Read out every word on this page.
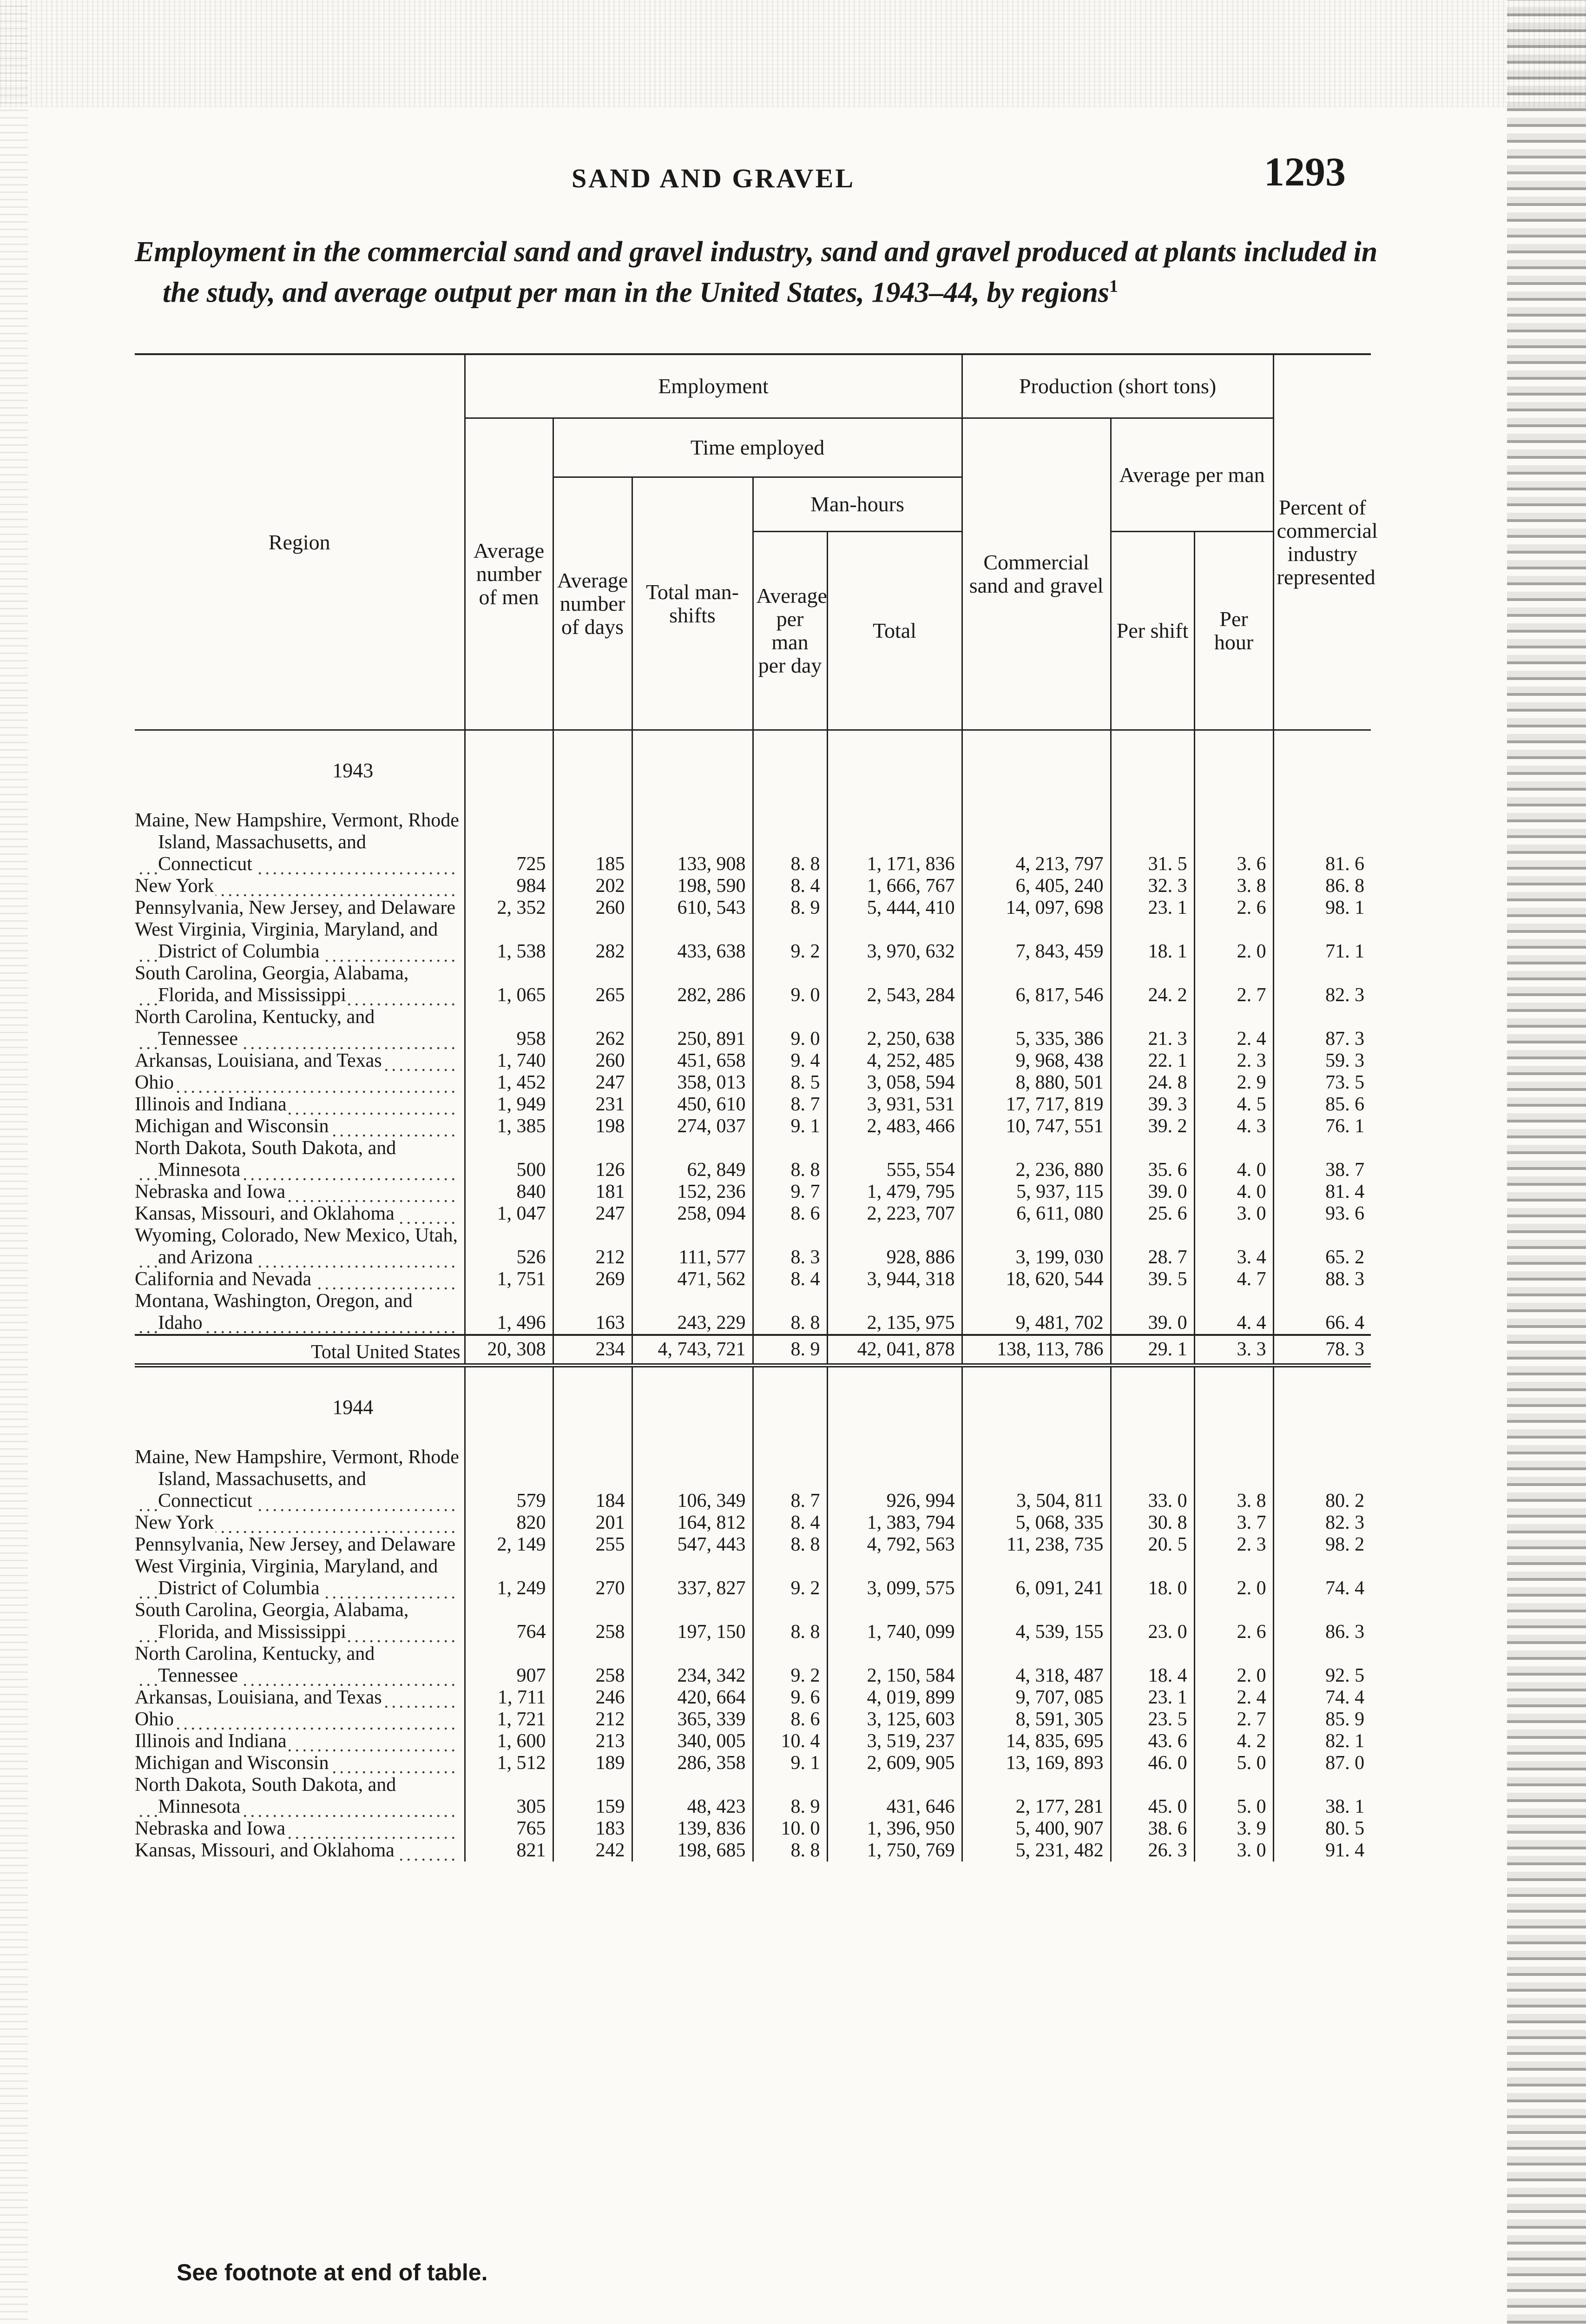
SAND AND GRAVEL	1293
Employment in the commercial sand and gravel industry, sand and gravel produced at plants included in the study, and average output per man in the United States, 1943–44, by regions$^1$
Region	Employment					Production (short tons)			Percent of commercial industry represented
	Average number of men	Time employed				Commercial sand and gravel	Average per man		
		Average number of days	Total man-shifts	Man-hours					
				Average per man per day	Total		Per shift	Per hour	
1943									

Maine, New Hampshire, Vermont, Rhode Island, Massachusetts, and Connecticut	725	185	133, 908	8. 8	1, 171, 836	4, 213, 797	31. 5	3. 6	81. 6

New York	984	202	198, 590	8. 4	1, 666, 767	6, 405, 240	32. 3	3. 8	86. 8

Pennsylvania, New Jersey, and Delaware	2, 352	260	610, 543	8. 9	5, 444, 410	14, 097, 698	23. 1	2. 6	98. 1

West Virginia, Virginia, Maryland, and District of Columbia	1, 538	282	433, 638	9. 2	3, 970, 632	7, 843, 459	18. 1	2. 0	71. 1

South Carolina, Georgia, Alabama, Florida, and Mississippi	1, 065	265	282, 286	9. 0	2, 543, 284	6, 817, 546	24. 2	2. 7	82. 3

North Carolina, Kentucky, and Tennessee	958	262	250, 891	9. 0	2, 250, 638	5, 335, 386	21. 3	2. 4	87. 3

Arkansas, Louisiana, and Texas	1, 740	260	451, 658	9. 4	4, 252, 485	9, 968, 438	22. 1	2. 3	59. 3

Ohio	1, 452	247	358, 013	8. 5	3, 058, 594	8, 880, 501	24. 8	2. 9	73. 5

Illinois and Indiana	1, 949	231	450, 610	8. 7	3, 931, 531	17, 717, 819	39. 3	4. 5	85. 6

Michigan and Wisconsin	1, 385	198	274, 037	9. 1	2, 483, 466	10, 747, 551	39. 2	4. 3	76. 1

North Dakota, South Dakota, and Minnesota	500	126	62, 849	8. 8	555, 554	2, 236, 880	35. 6	4. 0	38. 7

Nebraska and Iowa	840	181	152, 236	9. 7	1, 479, 795	5, 937, 115	39. 0	4. 0	81. 4

Kansas, Missouri, and Oklahoma	1, 047	247	258, 094	8. 6	2, 223, 707	6, 611, 080	25. 6	3. 0	93. 6

Wyoming, Colorado, New Mexico, Utah, and Arizona	526	212	111, 577	8. 3	928, 886	3, 199, 030	28. 7	3. 4	65. 2

California and Nevada	1, 751	269	471, 562	8. 4	3, 944, 318	18, 620, 544	39. 5	4. 7	88. 3

Montana, Washington, Oregon, and Idaho	1, 496	163	243, 229	8. 8	2, 135, 975	9, 481, 702	39. 0	4. 4	66. 4
Total United States	20, 308	234	4, 743, 721	8. 9	42, 041, 878	138, 113, 786	29. 1	3. 3	78. 3
1944									

Maine, New Hampshire, Vermont, Rhode Island, Massachusetts, and Connecticut	579	184	106, 349	8. 7	926, 994	3, 504, 811	33. 0	3. 8	80. 2

New York	820	201	164, 812	8. 4	1, 383, 794	5, 068, 335	30. 8	3. 7	82. 3

Pennsylvania, New Jersey, and Delaware	2, 149	255	547, 443	8. 8	4, 792, 563	11, 238, 735	20. 5	2. 3	98. 2

West Virginia, Virginia, Maryland, and District of Columbia	1, 249	270	337, 827	9. 2	3, 099, 575	6, 091, 241	18. 0	2. 0	74. 4

South Carolina, Georgia, Alabama, Florida, and Mississippi	764	258	197, 150	8. 8	1, 740, 099	4, 539, 155	23. 0	2. 6	86. 3

North Carolina, Kentucky, and Tennessee	907	258	234, 342	9. 2	2, 150, 584	4, 318, 487	18. 4	2. 0	92. 5

Arkansas, Louisiana, and Texas	1, 711	246	420, 664	9. 6	4, 019, 899	9, 707, 085	23. 1	2. 4	74. 4

Ohio	1, 721	212	365, 339	8. 6	3, 125, 603	8, 591, 305	23. 5	2. 7	85. 9

Illinois and Indiana	1, 600	213	340, 005	10. 4	3, 519, 237	14, 835, 695	43. 6	4. 2	82. 1

Michigan and Wisconsin	1, 512	189	286, 358	9. 1	2, 609, 905	13, 169, 893	46. 0	5. 0	87. 0

North Dakota, South Dakota, and Minnesota	305	159	48, 423	8. 9	431, 646	2, 177, 281	45. 0	5. 0	38. 1

Nebraska and Iowa	765	183	139, 836	10. 0	1, 396, 950	5, 400, 907	38. 6	3. 9	80. 5

Kansas, Missouri, and Oklahoma	821	242	198, 685	8. 8	1, 750, 769	5, 231, 482	26. 3	3. 0	91. 4
See footnote at end of table.
